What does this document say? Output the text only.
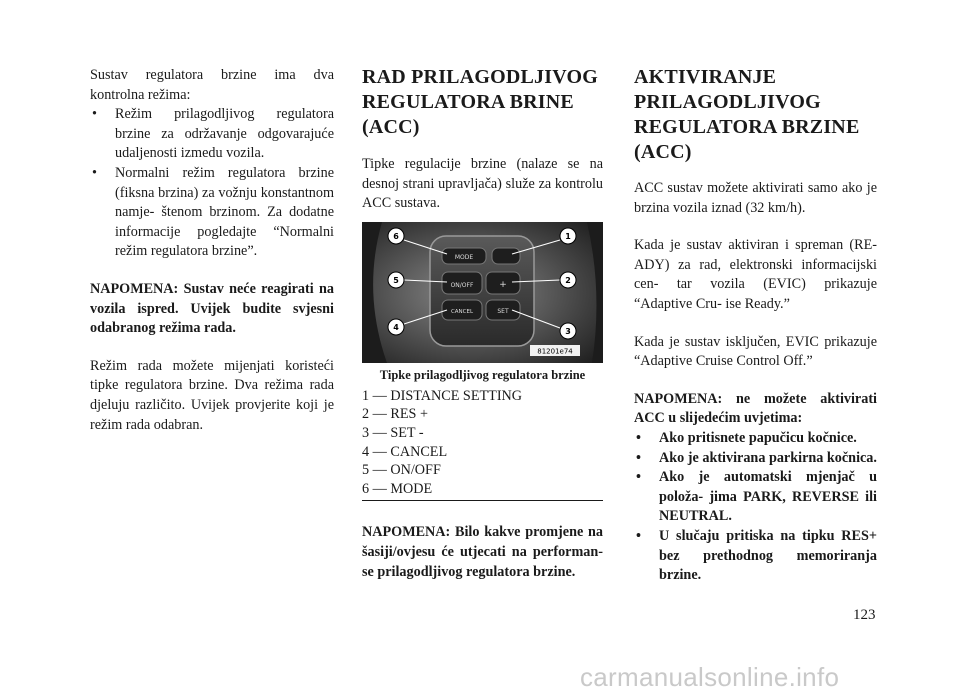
Sustav regulatora brzine ima dva kontrolna režima:

• Režim prilagodljivog regulatora brzine za održavanje odgovarajuće udaljenosti izmedu vozila.
• Normalni režim regulatora brzine (fiksna brzina) za vožnju konstantnom namje- štenom brzinom. Za dodatne informacije pogledajte “Normalni režim regulatora brzine”.

NAPOMENA: Sustav neće reagirati na vozila ispred. Uvijek budite svjesni odabranog režima rada.

Režim rada možete mijenjati koristeći tipke regulatora brzine. Dva režima rada djeluju različito. Uvijek provjerite koji je režim rada odabran.

RAD PRILAGODLJIVOG REGULATORA BRINE (ACC)

Tipke regulacije brzine (nalaze se na desnoj strani upravljača) služe za kontrolu ACC sustava.

MODE
ON/OFF	+
CANCEL	SET
6	1
5	2
4	3
81201e74
Tipke prilagodljivog regulatora brzine
1 — DISTANCE SETTING
2 — RES +
3 — SET -
4 — CANCEL
5 — ON/OFF
6 — MODE

NAPOMENA: Bilo kakve promjene na šasiji/ovjesu će utjecati na performan- se prilagodljivog regulatora brzine.

AKTIVIRANJE PRILAGODLJIVOG REGULATORA BRZINE (ACC)

ACC sustav možete aktivirati samo ako je brzina vozila iznad (32 km/h).

Kada je sustav aktiviran i spreman (RE- ADY) za rad, elektronski informacijski cen- tar vozila (EVIC) prikazuje “Adaptive Cru- ise Ready.”

Kada je sustav isključen, EVIC prikazuje “Adaptive Cruise Control Off.”

NAPOMENA: ne možete aktivirati ACC u slijedećim uvjetima:

• Ako pritisnete papučicu kočnice.
• Ako je aktivirana parkirna kočnica.
• Ako je automatski mjenjač u položa- jima PARK, REVERSE ili NEUTRAL.
• U slučaju pritiska na tipku RES+ bez prethodnog memoriranja brzine.
123
carmanualsonline.info
